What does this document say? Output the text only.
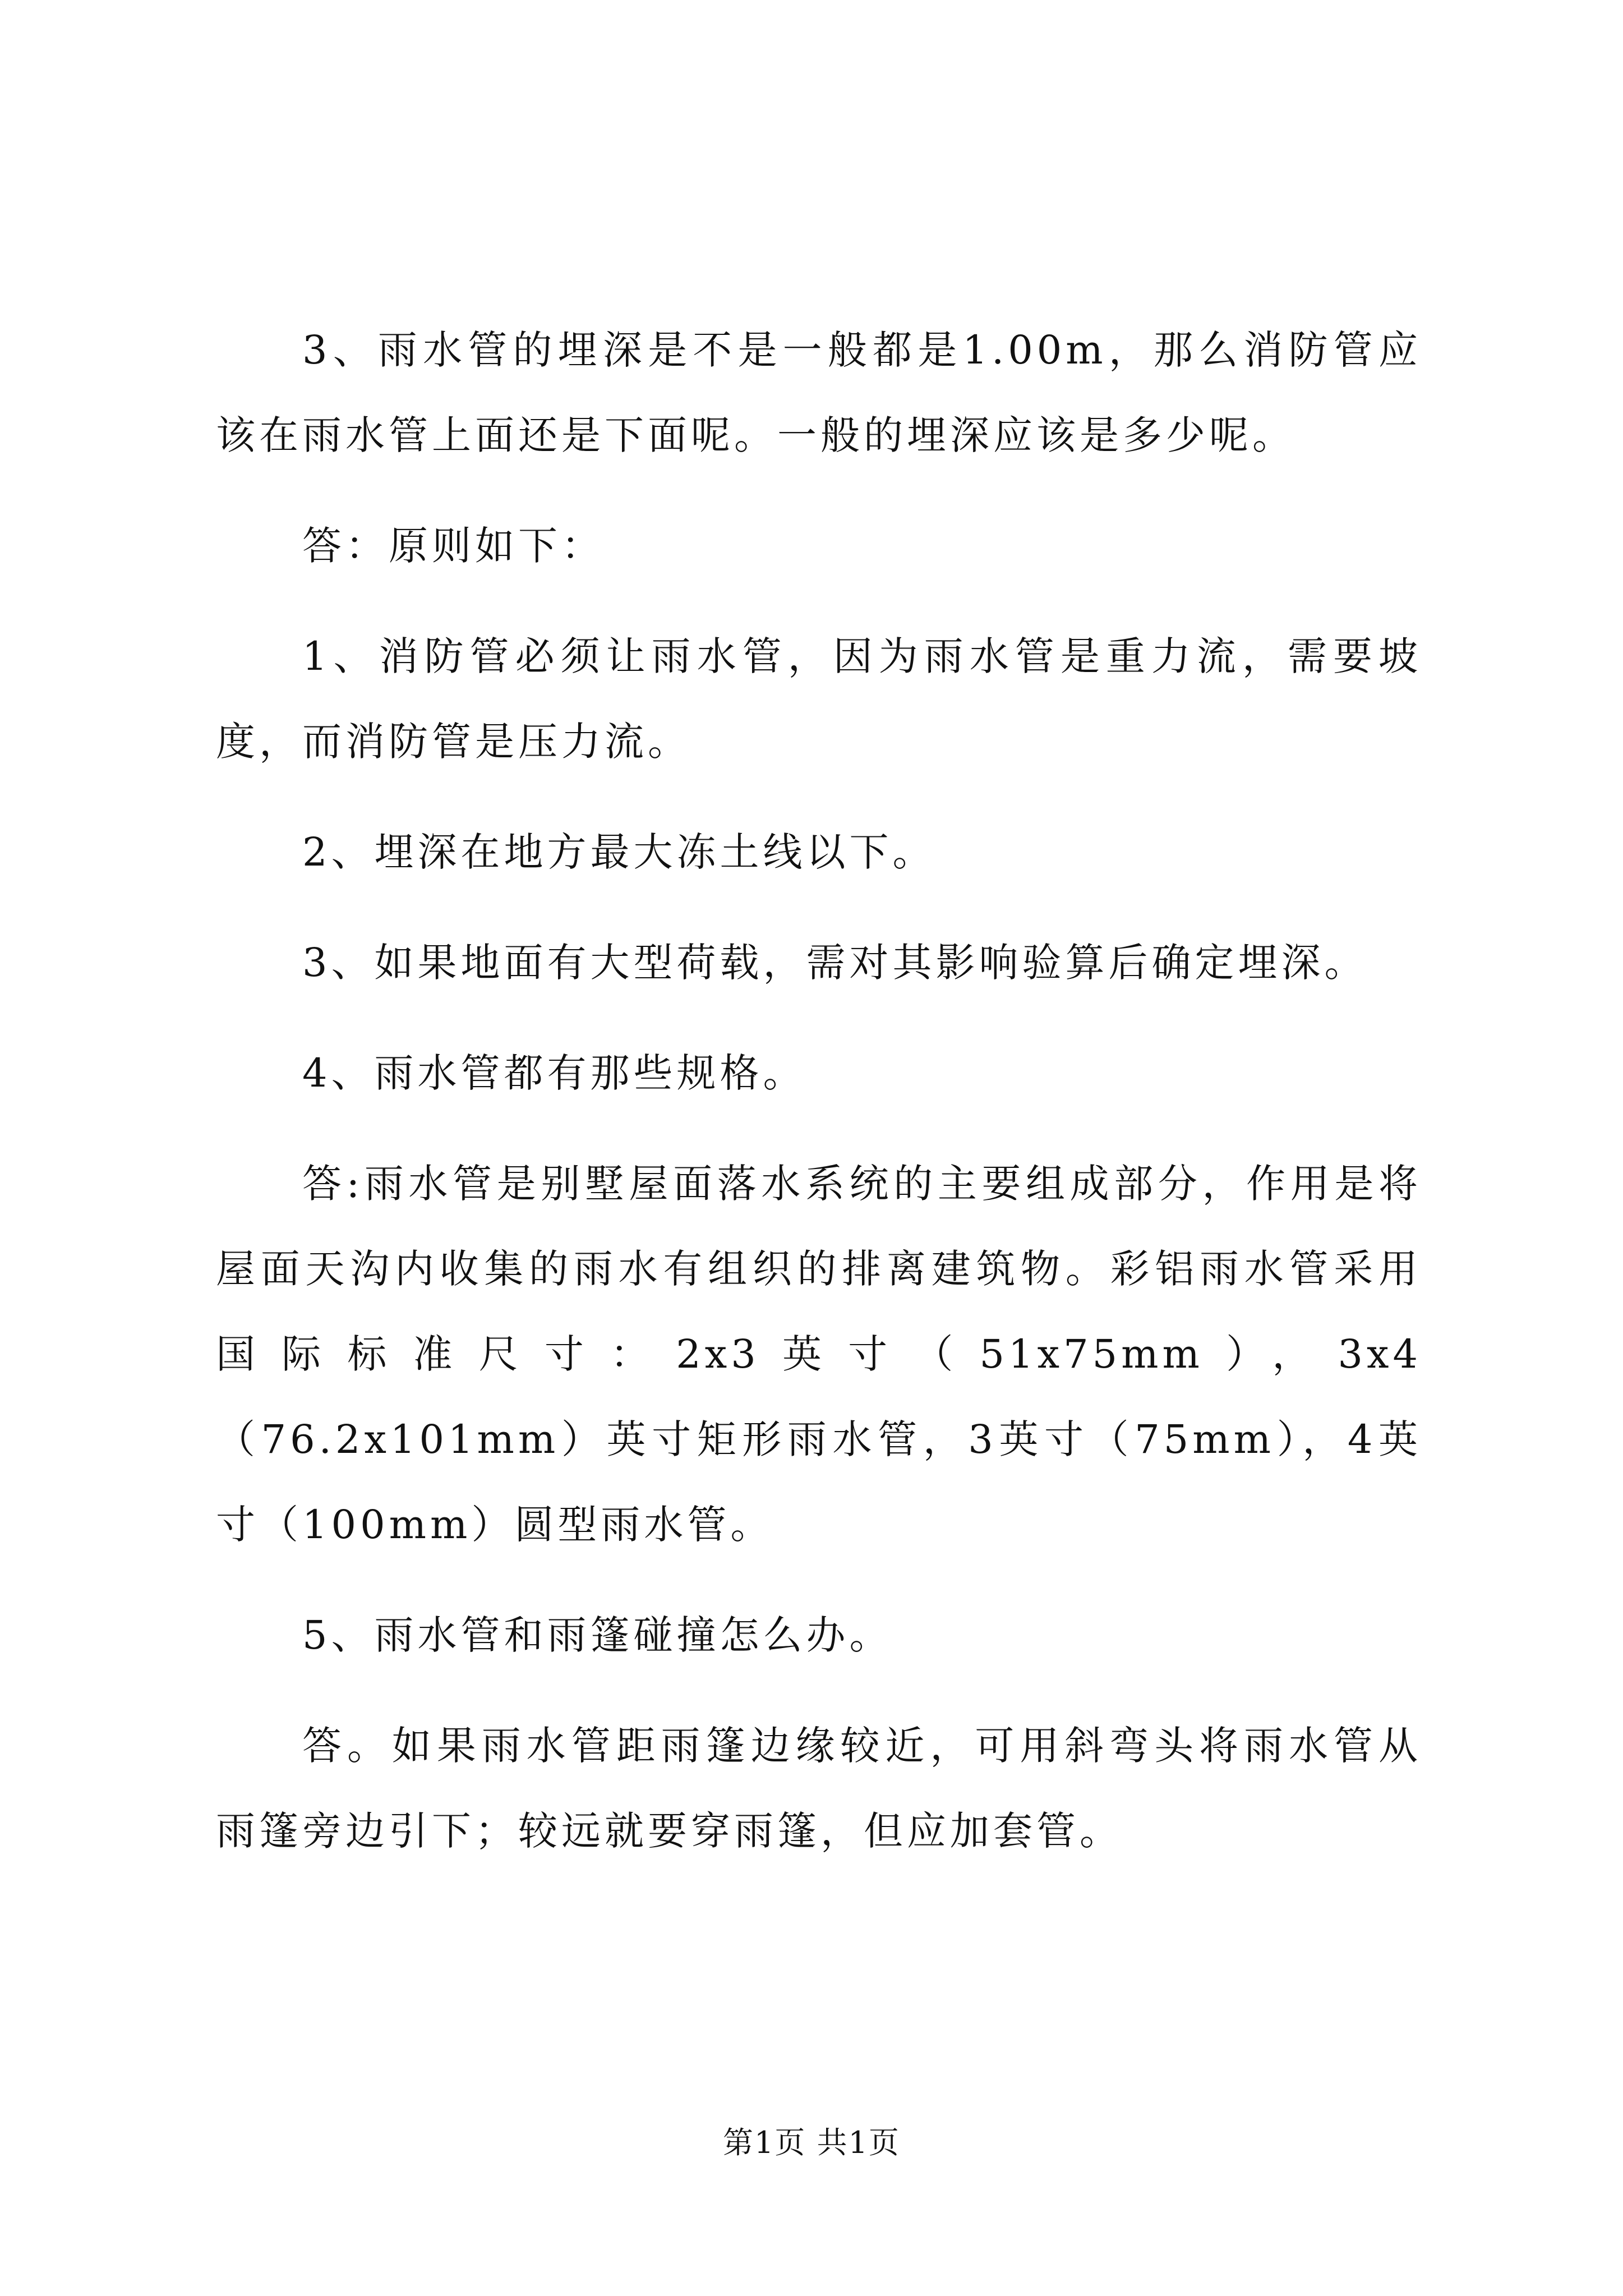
3、雨水管的埋深是不是一般都是1.00m，那么消防管应该在雨水管上面还是下面呢。一般的埋深应该是多少呢。

答：原则如下：

1、消防管必须让雨水管，因为雨水管是重力流，需要坡度，而消防管是压力流。

2、埋深在地方最大冻土线以下。

3、如果地面有大型荷载，需对其影响验算后确定埋深。

4、雨水管都有那些规格。

答:雨水管是别墅屋面落水系统的主要组成部分，作用是将屋面天沟内收集的雨水有组织的排离建筑物。彩铝雨水管采用国际标准尺寸：2x3英寸（51x75mm），3x4（76.2x101mm）英寸矩形雨水管，3英寸（75mm），4英寸（100mm）圆型雨水管。

5、雨水管和雨篷碰撞怎么办。

答。如果雨水管距雨篷边缘较近，可用斜弯头将雨水管从雨篷旁边引下；较远就要穿雨篷，但应加套管。

第1页 共1页
